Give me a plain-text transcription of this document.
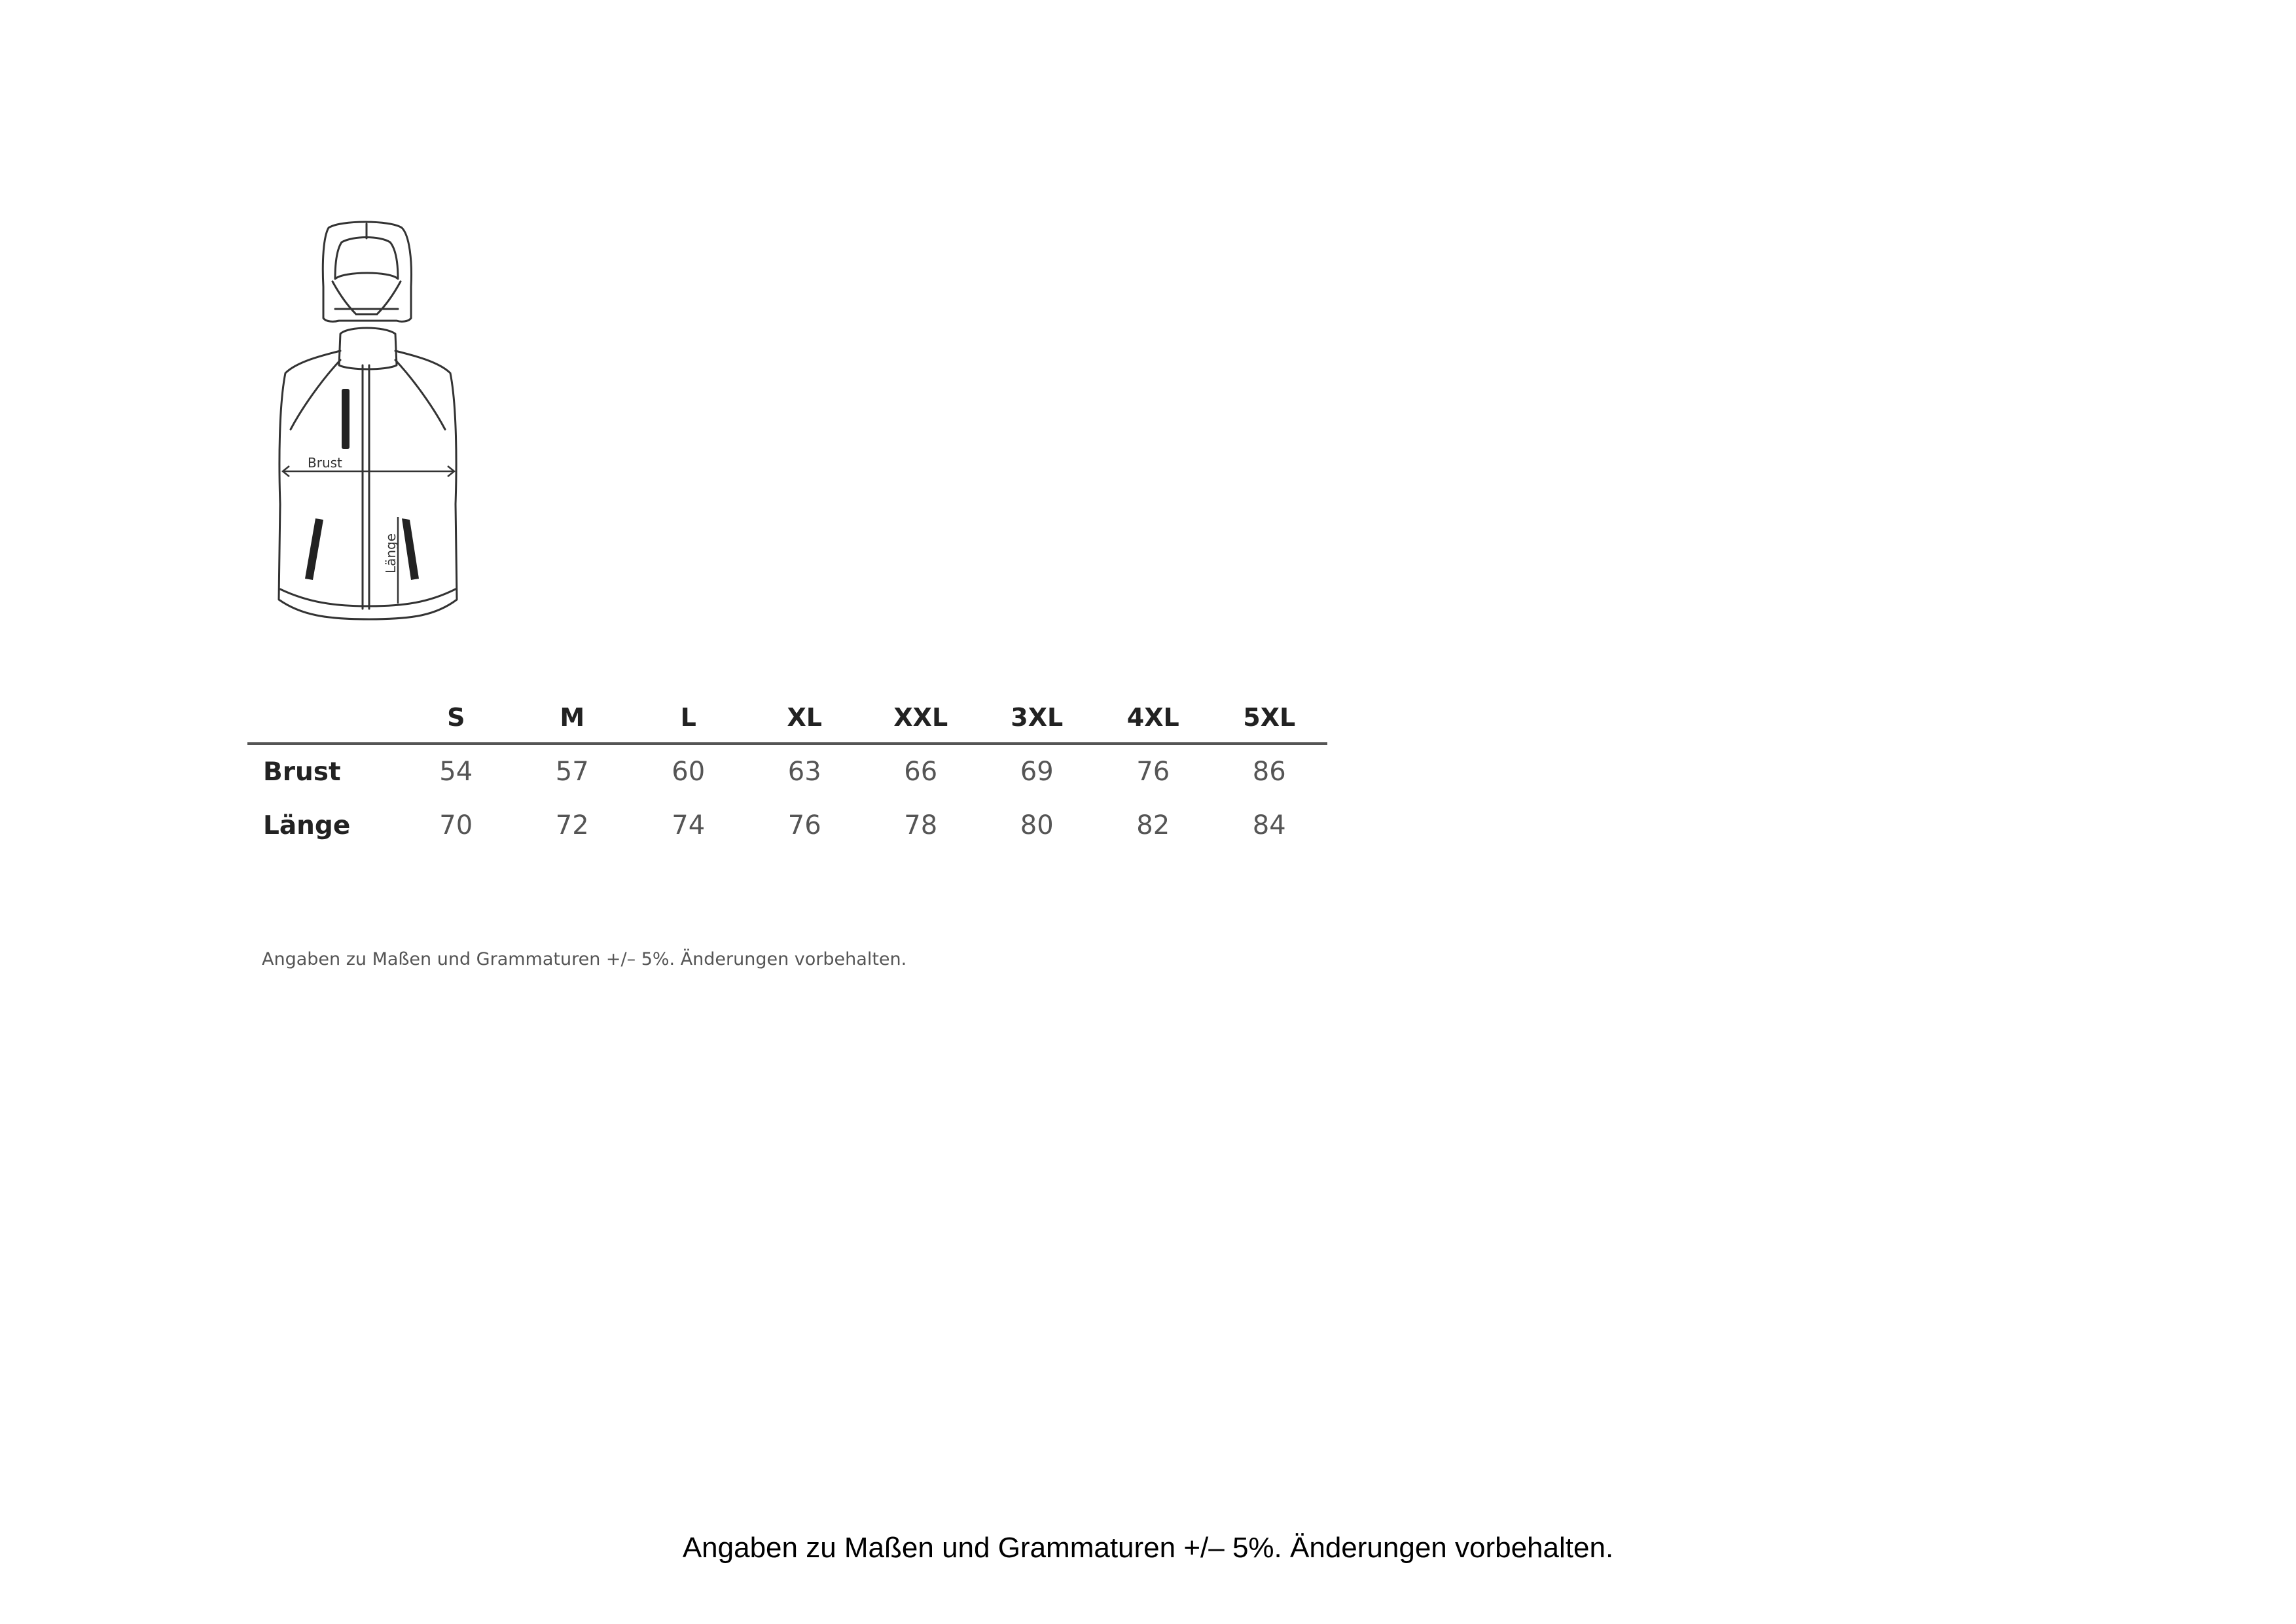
Brust
Länge
	S	M	L	XL	XXL	3XL	4XL	5XL
Brust	54	57	60	63	66	69	76	86
Länge	70	72	74	76	78	80	82	84
Angaben zu Maßen und Grammaturen +/– 5%. Änderungen vorbehalten.
Angaben zu Maßen und Grammaturen +/– 5%. Änderungen vorbehalten.
